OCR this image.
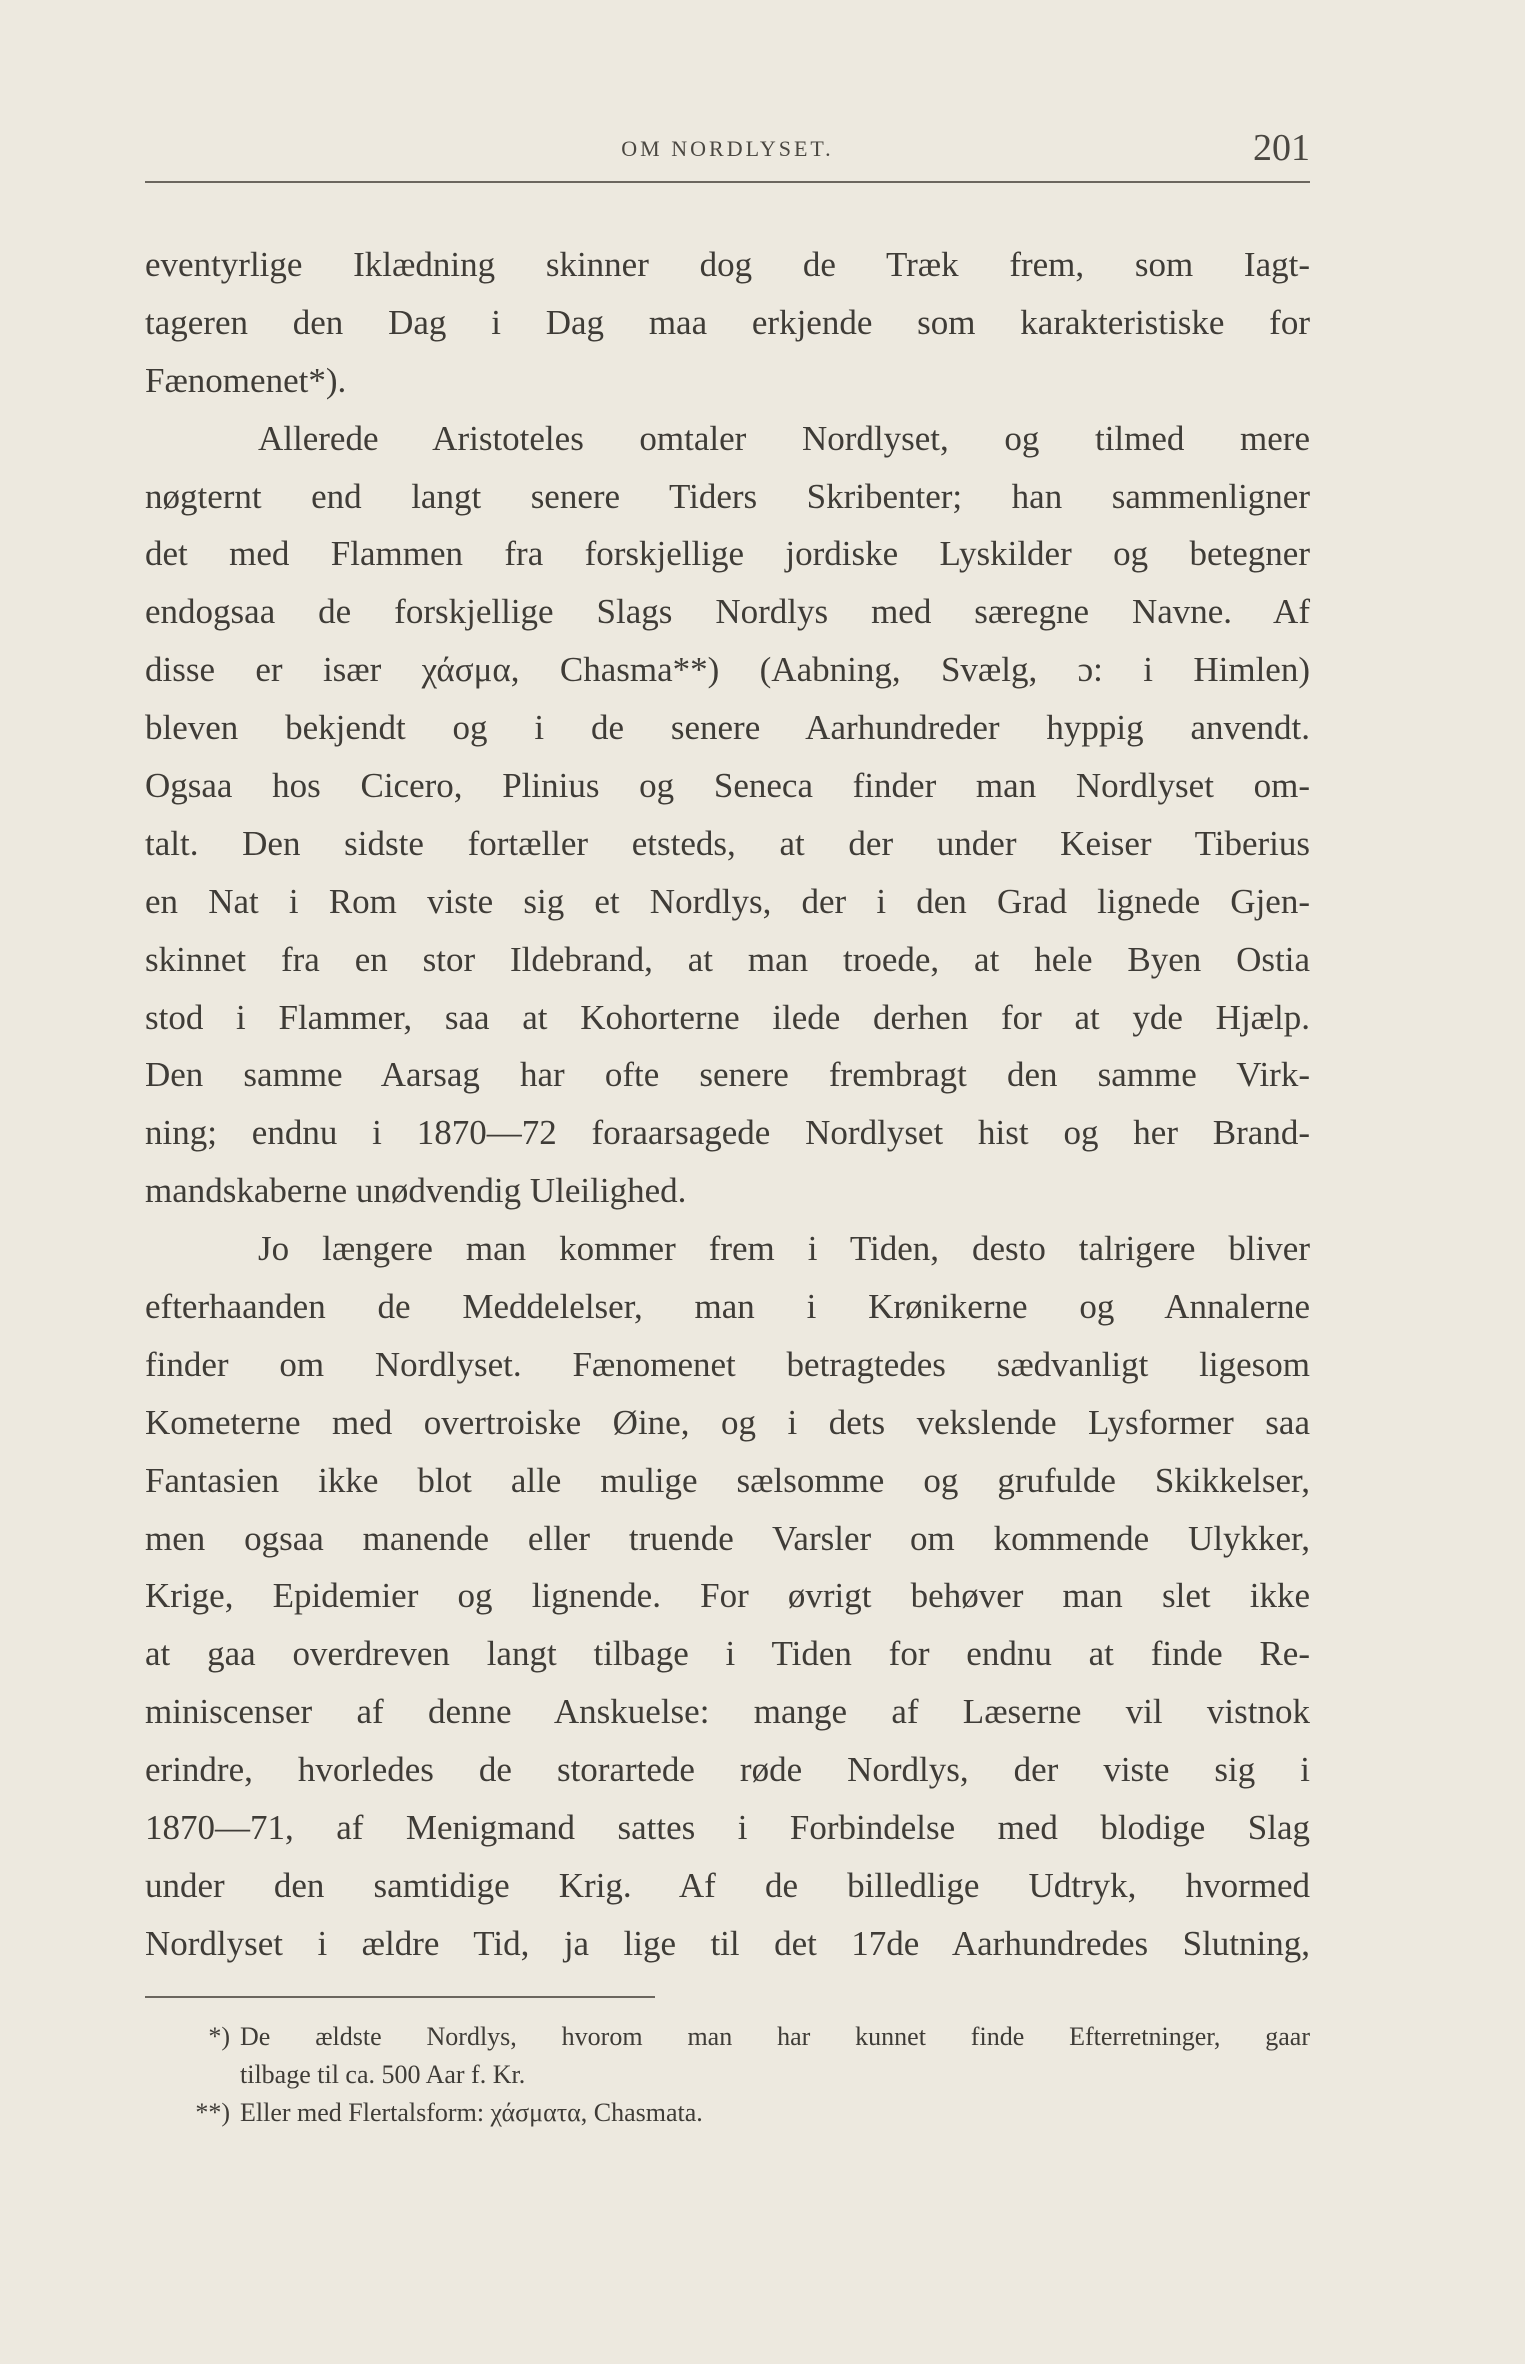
OM NORDLYSET.	201
eventyrlige Iklædning skinner dog de Træk frem, som Iagt-
tageren den Dag i Dag maa erkjende som karakteristiske for
Fænomenet*).
Allerede Aristoteles omtaler Nordlyset, og tilmed mere
nøgternt end langt senere Tiders Skribenter; han sammenligner
det med Flammen fra forskjellige jordiske Lyskilder og betegner
endogsaa de forskjellige Slags Nordlys med særegne Navne. Af
disse er især χάσμα, Chasma**) (Aabning, Svælg, ɔ: i Himlen)
bleven bekjendt og i de senere Aarhundreder hyppig anvendt.
Ogsaa hos Cicero, Plinius og Seneca finder man Nordlyset om-
talt. Den sidste fortæller etsteds, at der under Keiser Tiberius
en Nat i Rom viste sig et Nordlys, der i den Grad lignede Gjen-
skinnet fra en stor Ildebrand, at man troede, at hele Byen Ostia
stod i Flammer, saa at Kohorterne ilede derhen for at yde Hjælp.
Den samme Aarsag har ofte senere frembragt den samme Virk-
ning; endnu i 1870—72 foraarsagede Nordlyset hist og her Brand-
mandskaberne unødvendig Uleilighed.
Jo længere man kommer frem i Tiden, desto talrigere bliver
efterhaanden de Meddelelser, man i Krønikerne og Annalerne
finder om Nordlyset. Fænomenet betragtedes sædvanligt ligesom
Kometerne med overtroiske Øine, og i dets vekslende Lysformer saa
Fantasien ikke blot alle mulige sælsomme og grufulde Skikkelser,
men ogsaa manende eller truende Varsler om kommende Ulykker,
Krige, Epidemier og lignende. For øvrigt behøver man slet ikke
at gaa overdreven langt tilbage i Tiden for endnu at finde Re-
miniscenser af denne Anskuelse: mange af Læserne vil vistnok
erindre, hvorledes de storartede røde Nordlys, der viste sig i
1870—71, af Menigmand sattes i Forbindelse med blodige Slag
under den samtidige Krig. Af de billedlige Udtryk, hvormed
Nordlyset i ældre Tid, ja lige til det 17de Aarhundredes Slutning,
*) De ældste Nordlys, hvorom man har kunnet finde Efterretninger, gaar
tilbage til ca. 500 Aar f. Kr.
**) Eller med Flertalsform: χάσματα, Chasmata.
